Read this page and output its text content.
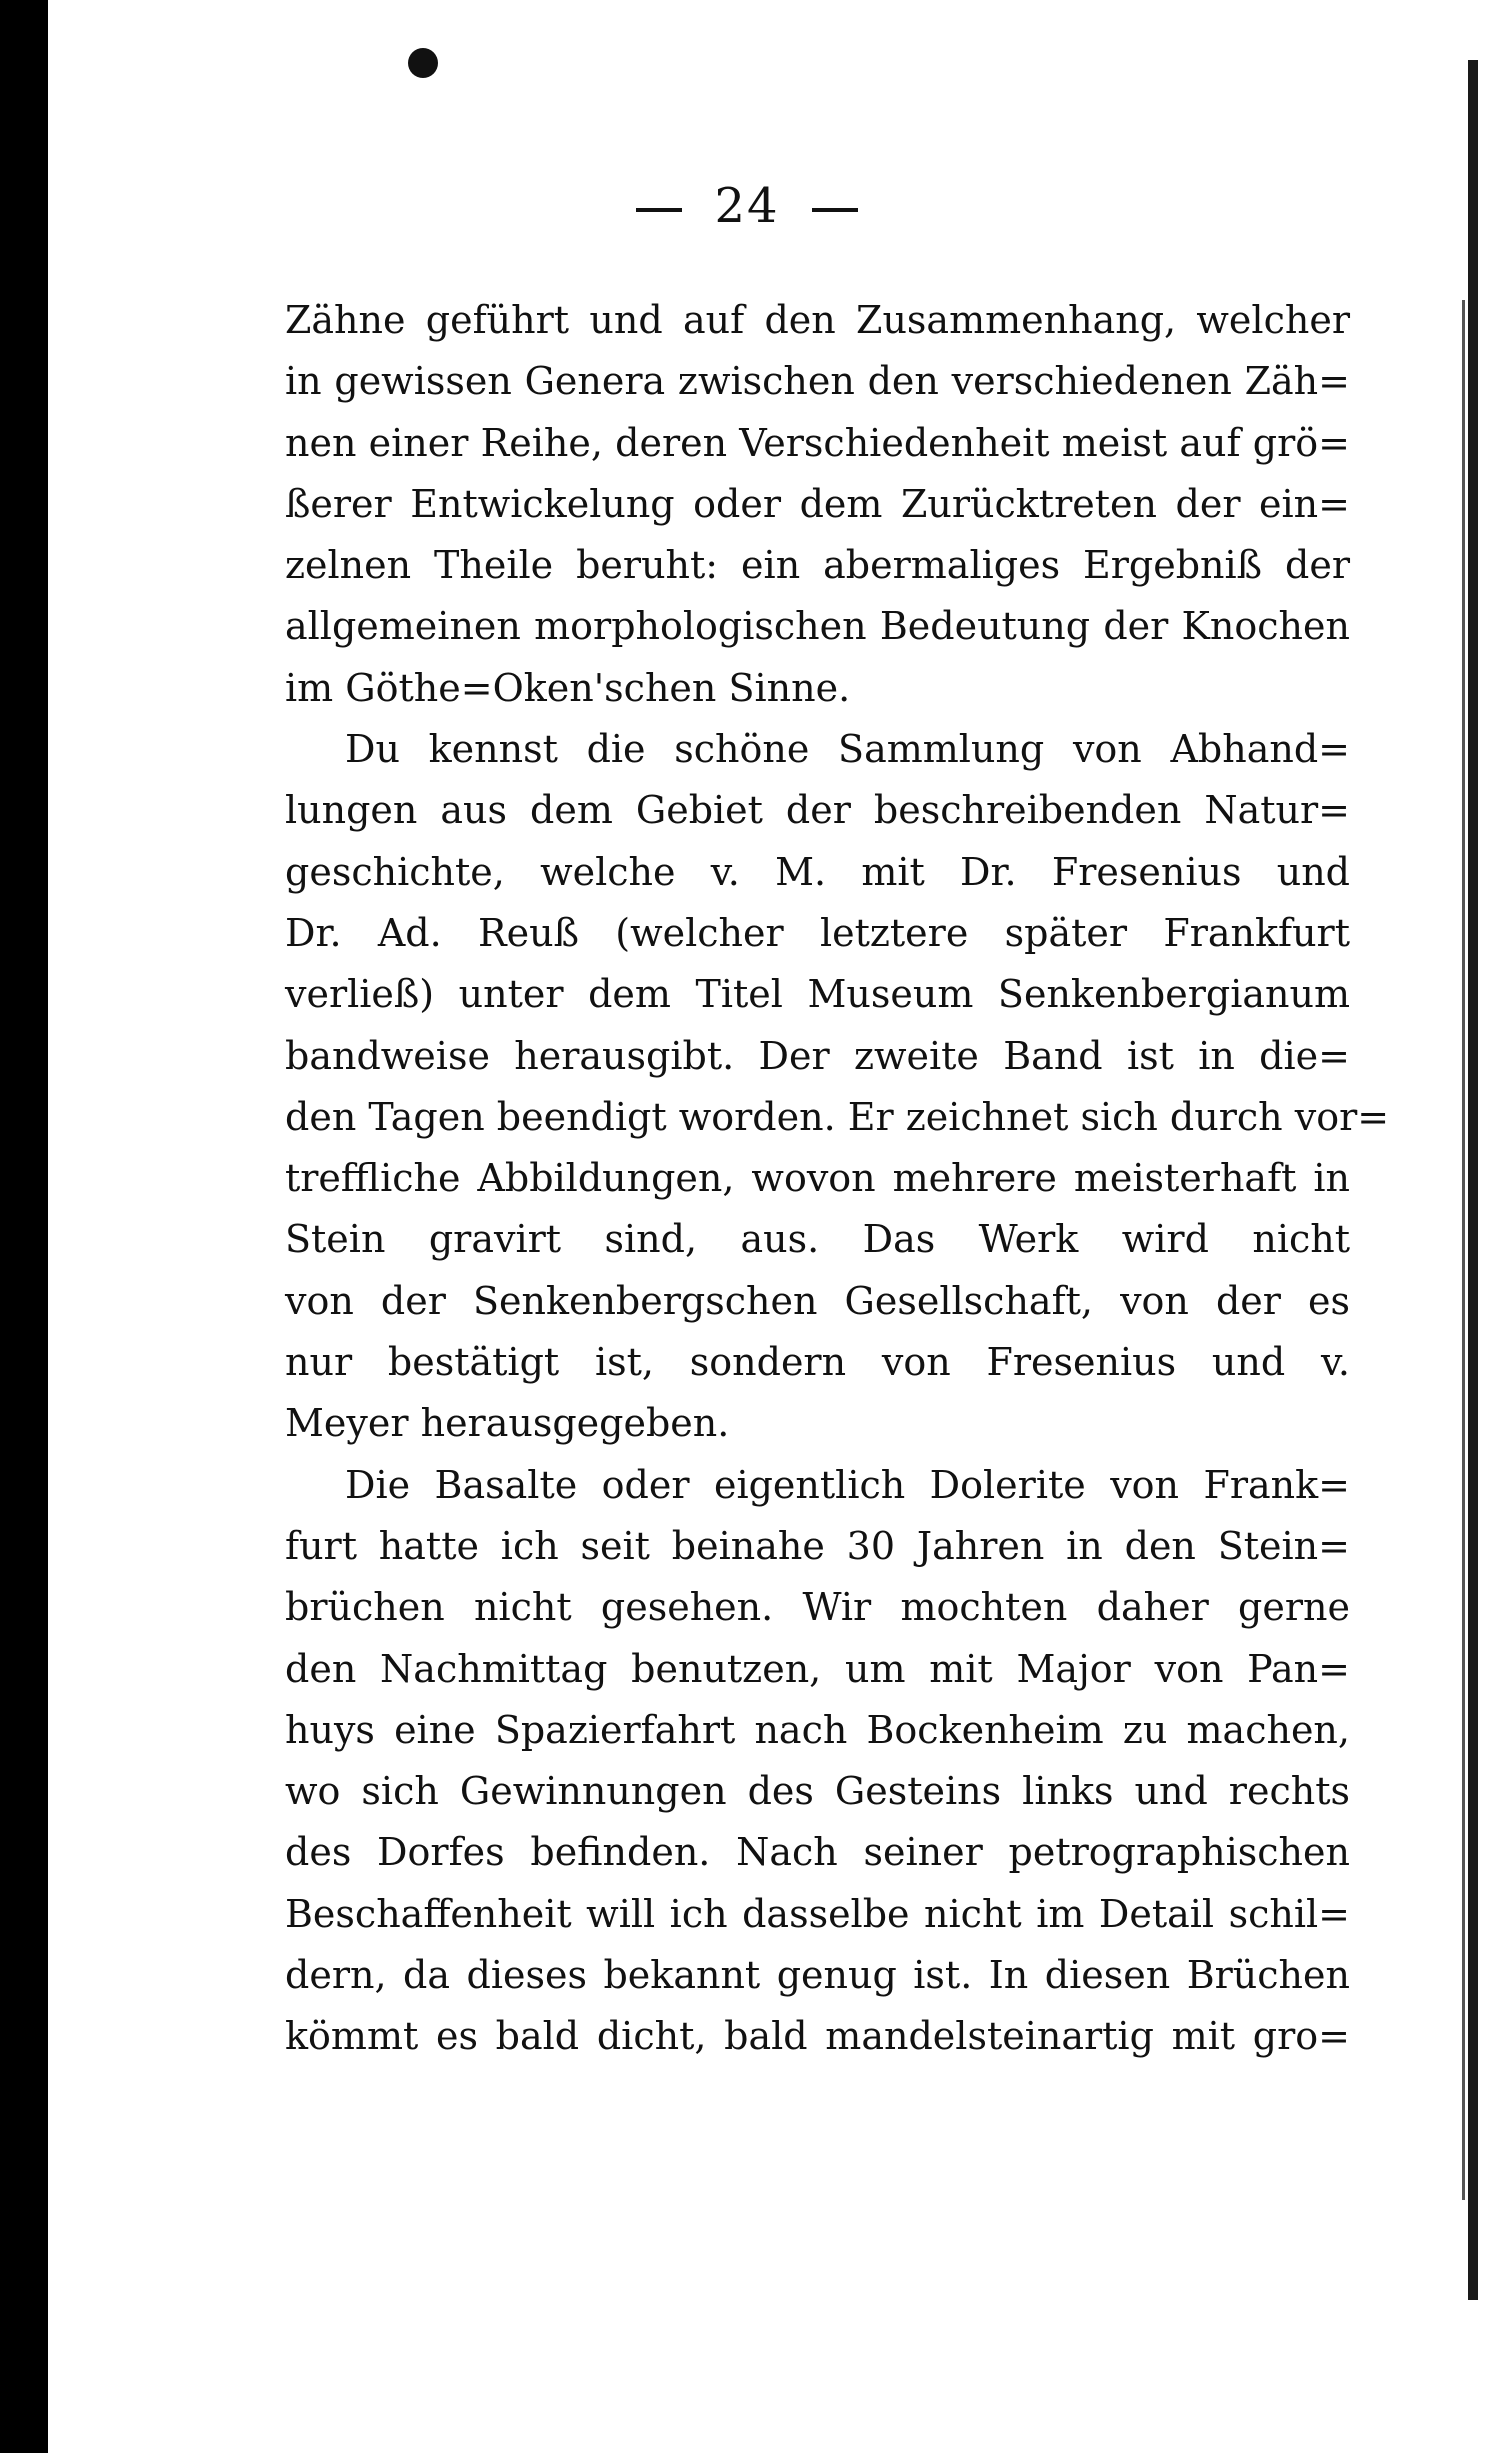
24
Zähne geführt und auf den Zusammenhang, welcher
in gewissen Genera zwischen den verschiedenen Zäh=
nen einer Reihe, deren Verschiedenheit meist auf grö=
ßerer Entwickelung oder dem Zurücktreten der ein=
zelnen Theile beruht: ein abermaliges Ergebniß der
allgemeinen morphologischen Bedeutung der Knochen
im Göthe=Oken'schen Sinne.
Du kennst die schöne Sammlung von Abhand=
lungen aus dem Gebiet der beschreibenden Natur=
geschichte, welche v. M. mit Dr. Fresenius und
Dr. Ad. Reuß (welcher letztere später Frankfurt
verließ) unter dem Titel Museum Senkenbergianum
bandweise herausgibt. Der zweite Band ist in die=
den Tagen beendigt worden. Er zeichnet sich durch vor=
treffliche Abbildungen, wovon mehrere meisterhaft in
Stein gravirt sind, aus. Das Werk wird nicht
von der Senkenbergschen Gesellschaft, von der es
nur bestätigt ist, sondern von Fresenius und v.
Meyer herausgegeben.
Die Basalte oder eigentlich Dolerite von Frank=
furt hatte ich seit beinahe 30 Jahren in den Stein=
brüchen nicht gesehen. Wir mochten daher gerne
den Nachmittag benutzen, um mit Major von Pan=
huys eine Spazierfahrt nach Bockenheim zu machen,
wo sich Gewinnungen des Gesteins links und rechts
des Dorfes befinden. Nach seiner petrographischen
Beschaffenheit will ich dasselbe nicht im Detail schil=
dern, da dieses bekannt genug ist. In diesen Brüchen
kömmt es bald dicht, bald mandelsteinartig mit gro=
